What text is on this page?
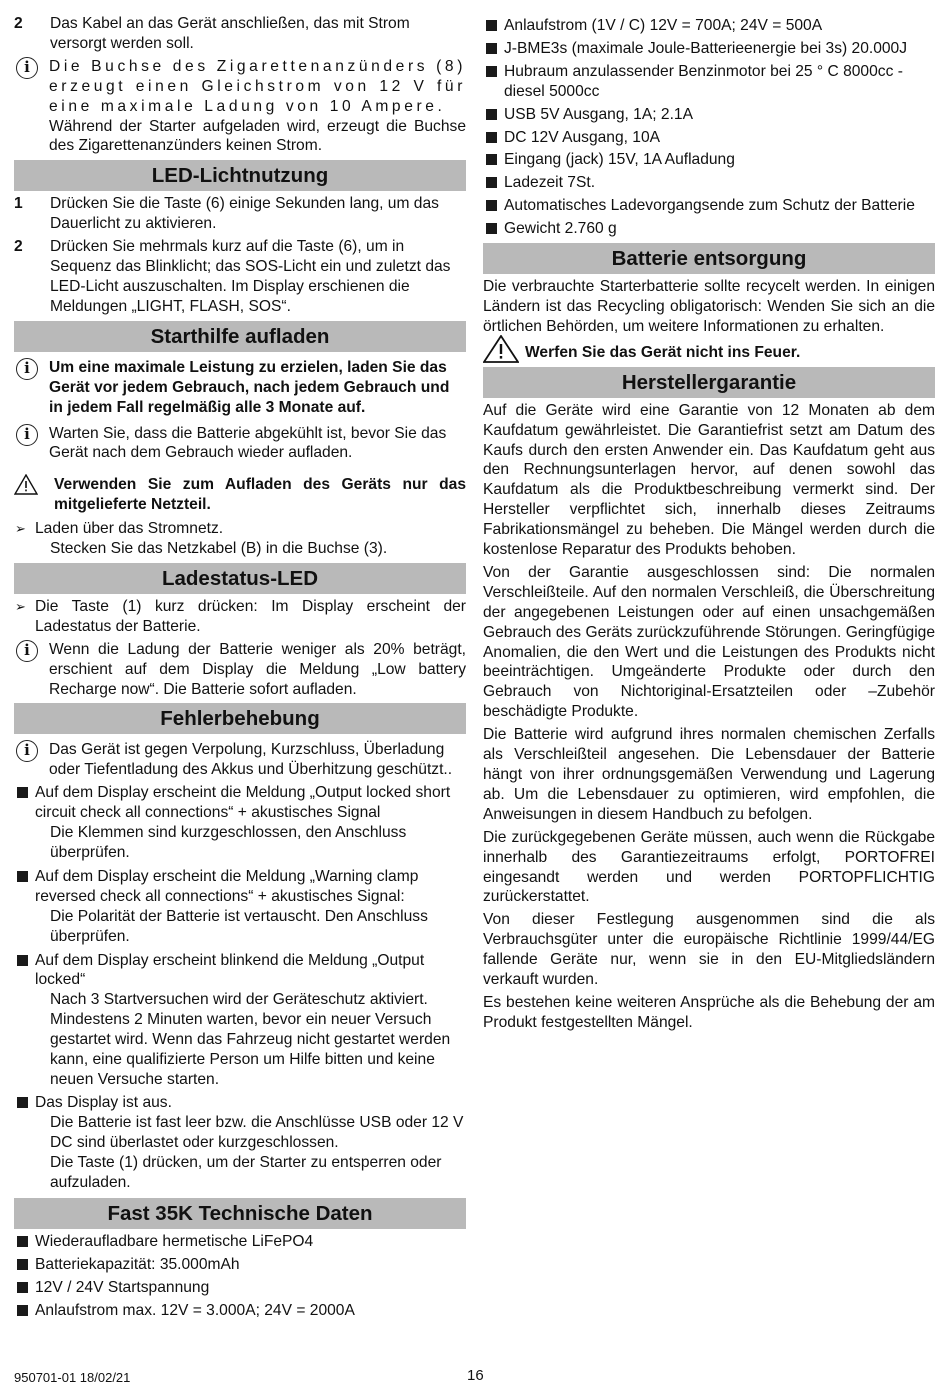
2 Das Kabel an das Gerät anschließen, das mit Strom versorgt werden soll.
i	Die Buchse des Zigarettenanzünders (8) erzeugt einen Gleichstrom von 12 V für eine maximale Ladung von 10 Ampere.
Während der Starter aufgeladen wird, erzeugt die Buchse des Zigarettenanzünders keinen Strom.
LED-Lichtnutzung
1 Drücken Sie die Taste (6) einige Sekunden lang, um das Dauerlicht zu aktivieren.
2 Drücken Sie mehrmals kurz auf die Taste (6), um in Sequenz das Blinklicht; das SOS-Licht ein und zuletzt das LED-Licht auszuschalten. Im Display erschienen die Meldungen „LIGHT, FLASH, SOS“.
Starthilfe aufladen
i	Um eine maximale Leistung zu erzielen, laden Sie das Gerät vor jedem Gebrauch, nach jedem Gebrauch und in jedem Fall regelmäßig alle 3 Monate auf.
i	Warten Sie, dass die Batterie abgekühlt ist, bevor Sie das Gerät nach dem Gebrauch wieder aufladen.
Verwenden Sie zum Aufladen des Geräts nur das mitgelieferte Netzteil.
➢ Laden über das Stromnetz.
Stecken Sie das Netzkabel (B) in die Buchse (3).
Ladestatus-LED
➢ Die Taste (1) kurz drücken: Im Display erscheint der Ladestatus der Batterie.
i	Wenn die Ladung der Batterie weniger als 20% beträgt, erschient auf dem Display die Meldung „Low battery Recharge now“. Die Batterie sofort aufladen.
Fehlerbehebung
i	Das Gerät ist gegen Verpolung, Kurzschluss, Überladung oder Tiefentladung des Akkus und Überhitzung geschützt..
Auf dem Display erscheint die Meldung „Output locked short circuit check all connections“ + akustisches Signal
Die Klemmen sind kurzgeschlossen, den Anschluss überprüfen.
Auf dem Display erscheint die Meldung „Warning clamp reversed check all connections“ + akustisches Signal:
Die Polarität der Batterie ist vertauscht. Den Anschluss überprüfen.
Auf dem Display erscheint blinkend die Meldung „Output locked“
Nach 3 Startversuchen wird der Geräteschutz aktiviert. Mindestens 2 Minuten warten, bevor ein neuer Versuch gestartet wird. Wenn das Fahrzeug nicht gestartet werden kann, eine qualifizierte Person um Hilfe bitten und keine neuen Versuche starten.
Das Display ist aus.
Die Batterie ist fast leer bzw. die Anschlüsse USB oder 12 V DC sind überlastet oder kurzgeschlossen.
Die Taste (1) drücken, um der Starter zu entsperren oder aufzuladen.
Fast 35K Technische Daten
Wiederaufladbare hermetische LiFePO4
Batteriekapazität: 35.000mAh
12V / 24V Startspannung
Anlaufstrom max. 12V = 3.000A; 24V = 2000A
Anlaufstrom (1V / C) 12V = 700A; 24V = 500A
J-BME3s (maximale Joule-Batterieenergie bei 3s) 20.000J
Hubraum anzulassender Benzinmotor bei 25 ° C 8000cc - diesel 5000cc
USB 5V Ausgang, 1A; 2.1A
DC 12V Ausgang, 10A
Eingang (jack) 15V, 1A Aufladung
Ladezeit 7St.
Automatisches Ladevorgangsende zum Schutz der Batterie
Gewicht 2.760 g
Batterie entsorgung
Die verbrauchte Starterbatterie sollte recycelt werden. In einigen Ländern ist das Recycling obligatorisch: Wenden Sie sich an die örtlichen Behörden, um weitere Informationen zu erhalten.
Werfen Sie das Gerät nicht ins Feuer.
Herstellergarantie
Auf die Geräte wird eine Garantie von 12 Monaten ab dem Kaufdatum gewährleistet. Die Garantiefrist setzt am Datum des Kaufs durch den ersten Anwender ein. Das Kaufdatum geht aus den Rechnungsunterlagen hervor, auf denen sowohl das Kaufdatum als die Produktbeschreibung vermerkt sind. Der Hersteller verpflichtet sich, innerhalb dieses Zeitraums Fabrikationsmängel zu beheben. Die Mängel werden durch die kostenlose Reparatur des Produkts behoben.
Von der Garantie ausgeschlossen sind: Die normalen Verschleißteile. Auf den normalen Verschleiß, die Überschreitung der angegebenen Leistungen oder auf einen unsachgemäßen Gebrauch des Geräts zurückzuführende Störungen. Geringfügige Anomalien, die den Wert und die Leistungen des Produkts nicht beeinträchtigen. Umgeänderte Produkte oder durch den Gebrauch von Nichtoriginal-Ersatzteilen oder –Zubehör beschädigte Produkte.
Die Batterie wird aufgrund ihres normalen chemischen Zerfalls als Verschleißteil angesehen. Die Lebensdauer der Batterie hängt von ihrer ordnungsgemäßen Verwendung und Lagerung ab. Um die Lebensdauer zu optimieren, wird empfohlen, die Anweisungen in diesem Handbuch zu befolgen.
Die zurückgegebenen Geräte müssen, auch wenn die Rückgabe innerhalb des Garantiezeitraums erfolgt, PORTOFREI eingesandt werden und werden PORTOPFLICHTIG zurückerstattet.
Von dieser Festlegung ausgenommen sind die als Verbrauchsgüter unter die europäische Richtlinie 1999/44/EG fallende Geräte nur, wenn sie in den EU-Mitgliedsländern verkauft wurden.
Es bestehen keine weiteren Ansprüche als die Behebung der am Produkt festgestellten Mängel.
950701-01 18/02/21	16
